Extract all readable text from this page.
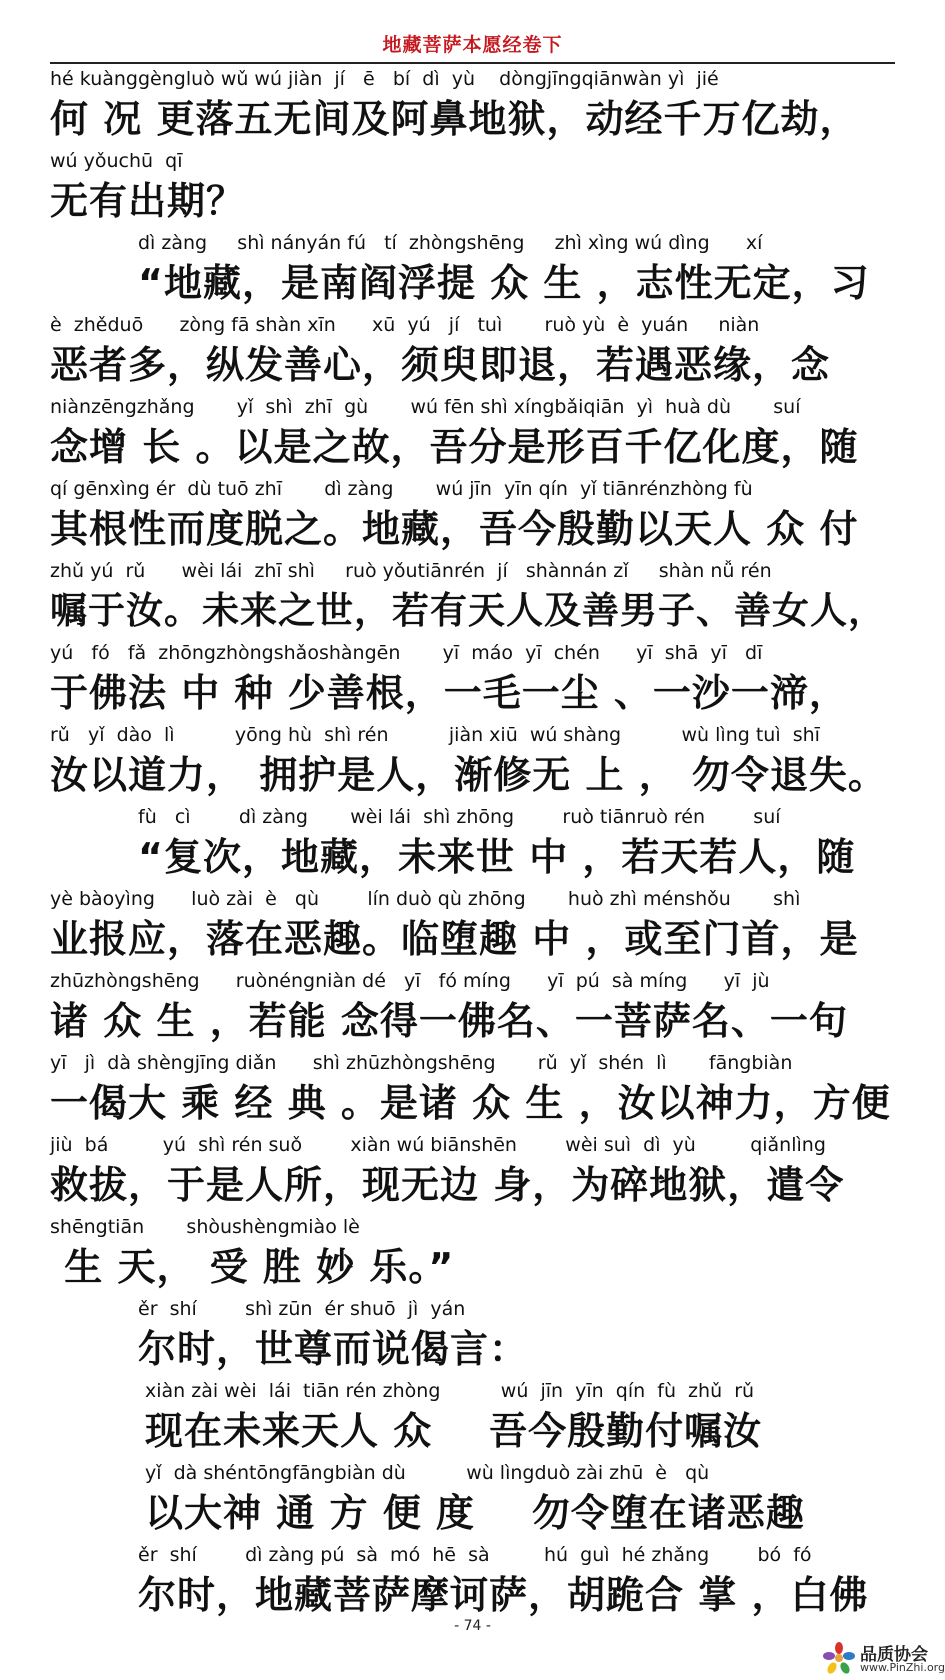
地藏菩萨本愿经卷下
hé kuànggèngluò wǔ wú jiàn  jí   ē   bí  dì  yù    dòngjīngqiānwàn yì  jié
何 况 更落五无间及阿鼻地狱，动经千万亿劫，
wú yǒuchū  qī
无有出期？
dì zàng     shì nányán fú   tí  zhòngshēng     zhì xìng wú dìng      xí
“地藏，是南阎浮提 众 生 ，志性无定，习
è  zhěduō      zòng fā shàn xīn      xū  yú   jí   tuì       ruò yù  è  yuán     niàn
恶者多，纵发善心，须臾即退，若遇恶缘，念
niànzēngzhǎng       yǐ  shì  zhī  gù       wú fēn shì xíngbǎiqiān  yì  huà dù       suí
念增 长 。以是之故，吾分是形百千亿化度，随
qí gēnxìng ér  dù tuō zhī       dì zàng       wú jīn  yīn qín  yǐ tiānrénzhòng fù
其根性而度脱之。地藏，吾今殷勤以天人 众 付
zhǔ yú  rǔ      wèi lái  zhī shì     ruò yǒutiānrén  jí   shànnán zǐ     shàn nǚ rén
嘱于汝。未来之世，若有天人及善男子、善女人，
yú   fó   fǎ  zhōngzhòngshǎoshàngēn       yī  máo  yī  chén      yī  shā  yī   dī
于佛法 中 种 少善根，一毛一尘 、一沙一渧，
rǔ   yǐ  dào  lì          yōng hù  shì rén          jiàn xiū  wú shàng          wù lìng tuì  shī
汝以道力， 拥护是人，渐修无 上 ， 勿令退失。
fù   cì        dì zàng       wèi lái  shì zhōng        ruò tiānruò rén        suí
“复次，地藏，未来世 中 ，若天若人，随
yè bàoyìng      luò zài  è   qù        lín duò qù zhōng       huò zhì ménshǒu       shì
业报应，落在恶趣。临堕趣 中 ，或至门首，是
zhūzhòngshēng      ruònéngniàn dé   yī   fó míng      yī  pú  sà míng      yī  jù
诸 众 生 ，若能 念得一佛名、一菩萨名、一句
yī   jì  dà shèngjīng diǎn      shì zhūzhòngshēng       rǔ  yǐ  shén  lì       fāngbiàn
一偈大 乘 经 典 。是诸 众 生 ，汝以神力，方便
jiù  bá         yú  shì rén suǒ        xiàn wú biānshēn        wèi suì  dì  yù         qiǎnlìng
救拔，于是人所，现无边 身，为碎地狱，遣令
shēngtiān       shòushèngmiào lè
生 天， 受 胜 妙 乐。”
ěr  shí        shì zūn  ér shuō  jì  yán
尔时，世尊而说偈言：
xiàn zài wèi  lái  tiān rén zhòng          wú  jīn  yīn  qín  fù  zhǔ  rǔ
现在未来天人 众    吾今殷勤付嘱汝
yǐ  dà shéntōngfāngbiàn dù          wù lìngduò zài zhū  è   qù
以大神 通 方 便 度    勿令堕在诸恶趣
ěr  shí        dì zàng pú  sà  mó  hē  sà         hú  guì  hé zhǎng        bó  fó
尔时，地藏菩萨摩诃萨，胡跪合 掌 ，白佛
- 74 -
品质协会
www.PinZhi.org
